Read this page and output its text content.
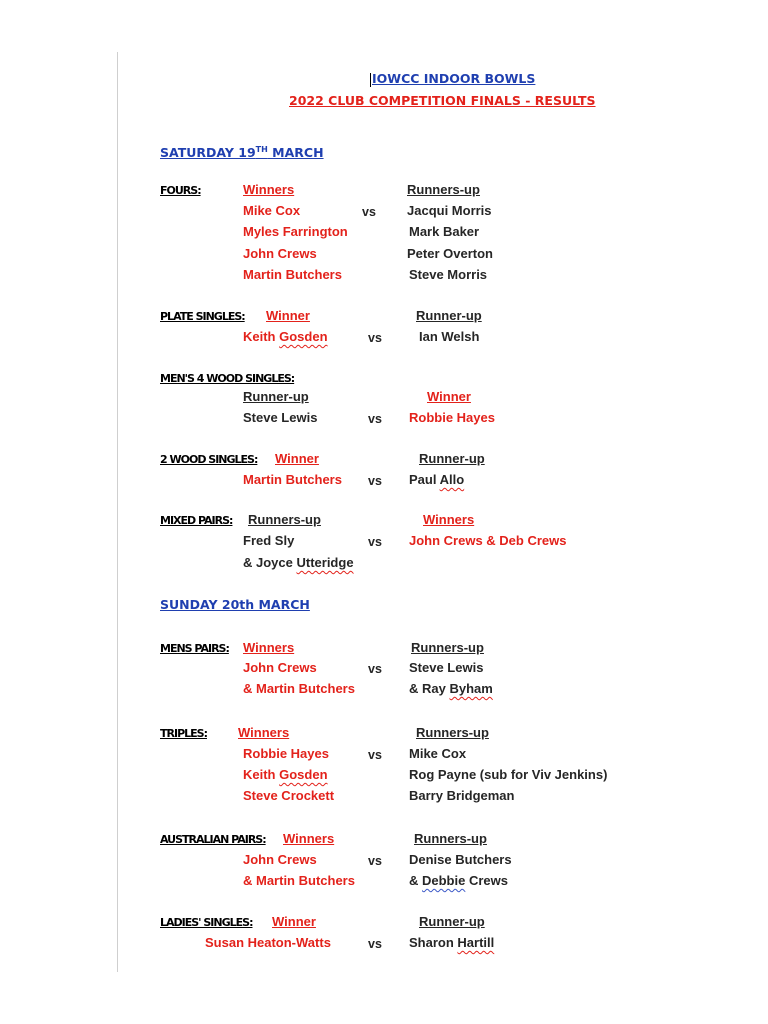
IOWCC INDOOR BOWLS
2022 CLUB COMPETITION FINALS - RESULTS
SATURDAY 19TH MARCH
FOURS:	Winners	Runners-up
Mike Cox	vs Jacqui Morris
Myles Farrington	Mark Baker
John Crews	Peter Overton
Martin Butchers	Steve Morris
PLATE SINGLES: Winner	Runner-up
Keith Gosden	vs	Ian Welsh
MEN'S 4 WOOD SINGLES:
Runner-up	Winner
Steve Lewis	vs Robbie Hayes
2 WOOD SINGLES: Winner	Runner-up
Martin Butchers vs Paul Allo
MIXED PAIRS: Runners-up	Winners
Fred Sly	vs John Crews & Deb Crews
& Joyce Utteridge
SUNDAY 20th MARCH
MENS PAIRS: Winners	Runners-up
John Crews	vs Steve Lewis
& Martin Butchers	& Ray Byham
TRIPLES: Winners	Runners-up
Robbie Hayes	vs Mike Cox
Keith Gosden	Rog Payne (sub for Viv Jenkins)
Steve Crockett	Barry Bridgeman
AUSTRALIAN PAIRS: Winners	Runners-up
John Crews	vs Denise Butchers
& Martin Butchers	& Debbie Crews
LADIES' SINGLES: Winner	Runner-up
Susan Heaton-Watts	vs Sharon Hartill
